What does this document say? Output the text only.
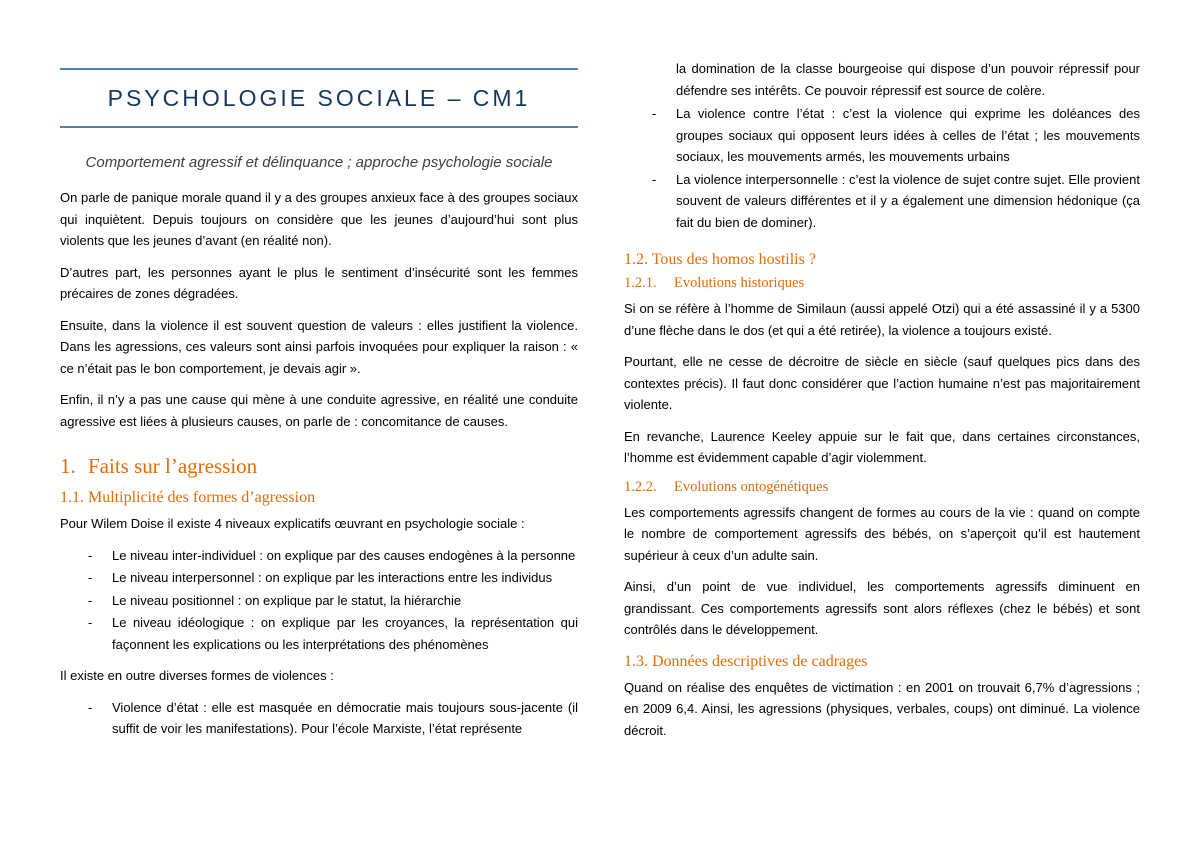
PSYCHOLOGIE SOCIALE – CM1
Comportement agressif et délinquance ; approche psychologie sociale

On parle de panique morale quand il y a des groupes anxieux face à des groupes sociaux qui inquiètent. Depuis toujours on considère que les jeunes d’aujourd’hui sont plus violents que les jeunes d’avant (en réalité non).

D’autres part, les personnes ayant le plus le sentiment d’insécurité sont les femmes précaires de zones dégradées.

Ensuite, dans la violence il est souvent question de valeurs : elles justifient la violence. Dans les agressions, ces valeurs sont ainsi parfois invoquées pour expliquer la raison : « ce n’était pas le bon comportement, je devais agir ».

Enfin, il n’y a pas une cause qui mène à une conduite agressive, en réalité une conduite agressive est liées à plusieurs causes, on parle de : concomitance de causes.

1. Faits sur l’agression
1.1. Multiplicité des formes d’agression

Pour Wilem Doise il existe 4 niveaux explicatifs œuvrant en psychologie sociale :

- Le niveau inter-individuel : on explique par des causes endogènes à la personne
- Le niveau interpersonnel : on explique par les interactions entre les individus
- Le niveau positionnel : on explique par le statut, la hiérarchie
- Le niveau idéologique : on explique par les croyances, la représentation qui façonnent les explications ou les interprétations des phénomènes

Il existe en outre diverses formes de violences :

- Violence d’état : elle est masquée en démocratie mais toujours sous-jacente (il suffit de voir les manifestations). Pour l’école Marxiste, l’état représente
la domination de la classe bourgeoise qui dispose d’un pouvoir répressif pour défendre ses intérêts. Ce pouvoir répressif est source de colère.
- La violence contre l’état : c’est la violence qui exprime les doléances des groupes sociaux qui opposent leurs idées à celles de l’état ; les mouvements sociaux, les mouvements armés, les mouvements urbains
- La violence interpersonnelle : c’est la violence de sujet contre sujet. Elle provient souvent de valeurs différentes et il y a également une dimension hédonique (ça fait du bien de dominer).
1.2. Tous des homos hostilis ?
1.2.1. Evolutions historiques

Si on se réfère à l’homme de Similaun (aussi appelé Otzi) qui a été assassiné il y a 5300 d’une flèche dans le dos (et qui a été retirée), la violence a toujours existé.

Pourtant, elle ne cesse de décroitre de siècle en siècle (sauf quelques pics dans des contextes précis). Il faut donc considérer que l’action humaine n’est pas majoritairement violente.

En revanche, Laurence Keeley appuie sur le fait que, dans certaines circonstances, l’homme est évidemment capable d’agir violemment.

1.2.2. Evolutions ontogénétiques

Les comportements agressifs changent de formes au cours de la vie : quand on compte le nombre de comportement agressifs des bébés, on s’aperçoit qu’il est hautement supérieur à ceux d’un adulte sain.

Ainsi, d’un point de vue individuel, les comportements agressifs diminuent en grandissant. Ces comportements agressifs sont alors réflexes (chez le bébés) et sont contrôlés dans le développement.

1.3. Données descriptives de cadrages

Quand on réalise des enquêtes de victimation : en 2001 on trouvait 6,7% d’agressions ; en 2009 6,4. Ainsi, les agressions (physiques, verbales, coups) ont diminué. La violence décroit.
